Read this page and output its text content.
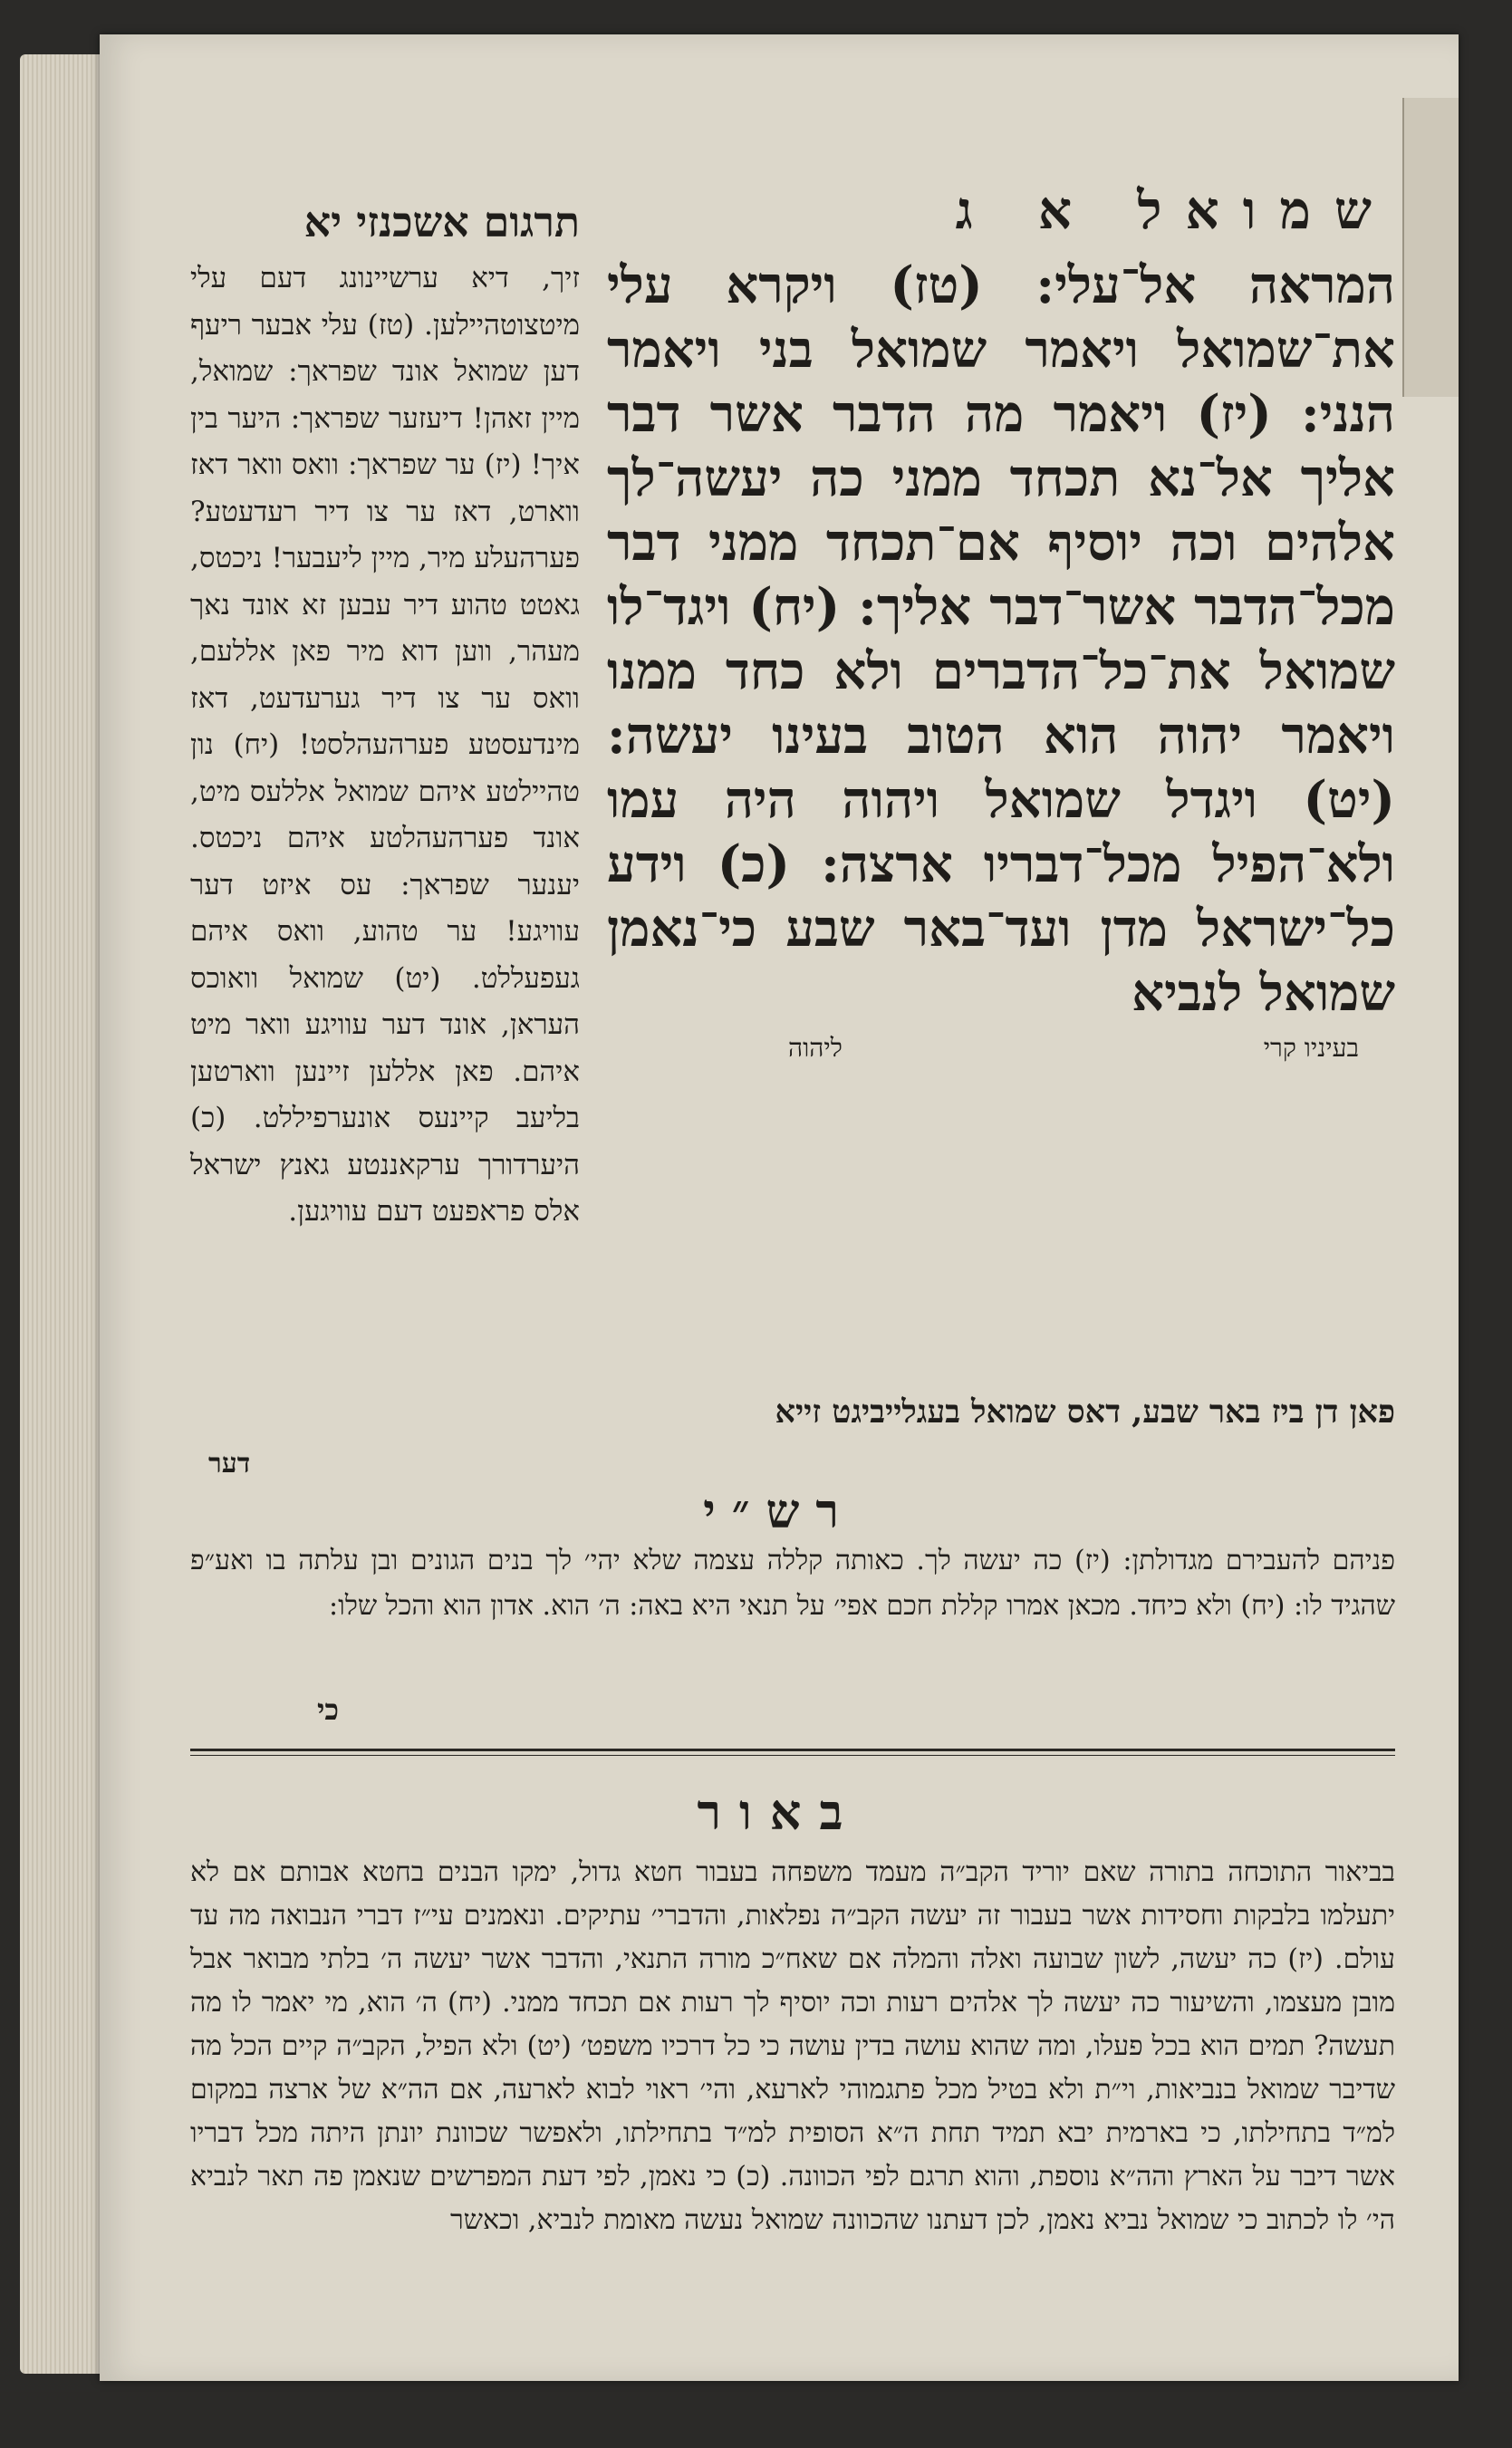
שמואל א ג

המראה אל־עלי: (טז) ויקרא עלי את־שמואל ויאמר שמואל בני ויאמר הנני: (יז) ויאמר מה הדבר אשר דבר אליך אל־נא תכחד ממני כה יעשה־לך אלהים וכה יוסיף אם־תכחד ממני דבר מכל־הדבר אשר־דבר אליך: (יח) ויגד־לו שמואל את־כל־הדברים ולא כחד ממנו ויאמר יהוה הוא הטוב בעינו יעשה: (יט) ויגדל שמואל ויהוה היה עמו ולא־הפיל מכל־דבריו ארצה: (כ) וידע כל־ישראל מדן ועד־באר שבע כי־נאמן שמואל לנביא

בעיניו קרי
ליהוה
תרגום אשכנזי יא

זיך, דיא ערשיינונג דעם עלי מיטצוטהיילען. (טז) עלי אבער ריעף דען שמואל אונד שפראך: שמואל, מיין זאהן! דיעזער שפראך: היער בין איך! (יז) ער שפראך: וואס וואר דאז ווארט, דאז ער צו דיר רעדעטע? פערהעלע מיר, מיין ליעבער! ניכטס, גאטט טהוע דיר עבען זא אונד נאך מעהר, ווען דוא מיר פאן אללעם, וואס ער צו דיר גערעדעט, דאז מינדעסטע פערהעהלסט! (יח) נון טהיילטע איהם שמואל אללעס מיט, אונד פערהעהלטע איהם ניכטס. יענער שפראך: עס איזט דער עוויגע! ער טהוע, וואס איהם געפעללט. (יט) שמואל וואוכס העראן, אונד דער עוויגע וואר מיט איהם. פאן אללען זיינען ווארטען בליעב קיינעס אונערפיללט. (כ) היערדורך ערקאננטע גאנץ ישראל אלס פראפעט דעם עוויגען.

פאן דן ביז באר שבע, דאס שמואל בעגלייביגט זייא
דער
רש״י

פניהם להעבירם מגדולתן: (יז) כה יעשה לך. כאותה קללה עצמה שלא יהי׳ לך בנים הגונים ובן עלתה בו ואע״פ שהגיד לו: (יח) ולא כיחד. מכאן אמרו קללת חכם אפי׳ על תנאי היא באה: ה׳ הוא. אדון הוא והכל שלו:

כי
באור

בביאור התוכחה בתורה שאם יוריד הקב״ה מעמד משפחה בעבור חטא גדול, ימקו הבנים בחטא אבותם אם לא יתעלמו בלבקות וחסידות אשר בעבור זה יעשה הקב״ה נפלאות, והדברי׳ עתיקים. ונאמנים עי״ז דברי הנבואה מה עד עולם. (יז) כה יעשה, לשון שבועה ואלה והמלה אם שאח״כ מורה התנאי, והדבר אשר יעשה ה׳ בלתי מבואר אבל מובן מעצמו, והשיעור כה יעשה לך אלהים רעות וכה יוסיף לך רעות אם תכחד ממני. (יח) ה׳ הוא, מי יאמר לו מה תעשה? תמים הוא בכל פעלו, ומה שהוא עושה בדין עושה כי כל דרכיו משפט׳ (יט) ולא הפיל, הקב״ה קיים הכל מה שדיבר שמואל בנביאות, וי״ת ולא בטיל מכל פתגמוהי לארעא, והי׳ ראוי לבוא לארעה, אם הה״א של ארצה במקום למ״ד בתחילתו, כי בארמית יבא תמיד תחת ה״א הסופית למ״ד בתחילתו, ולאפשר שכוונת יונתן היתה מכל דבריו אשר דיבר על הארץ והה״א נוספת, והוא תרגם לפי הכוונה. (כ) כי נאמן, לפי דעת המפרשים שנאמן פה תאר לנביא הי׳ לו לכתוב כי שמואל נביא נאמן, לכן דעתנו שהכוונה שמואל נעשה מאומת לנביא, וכאשר
